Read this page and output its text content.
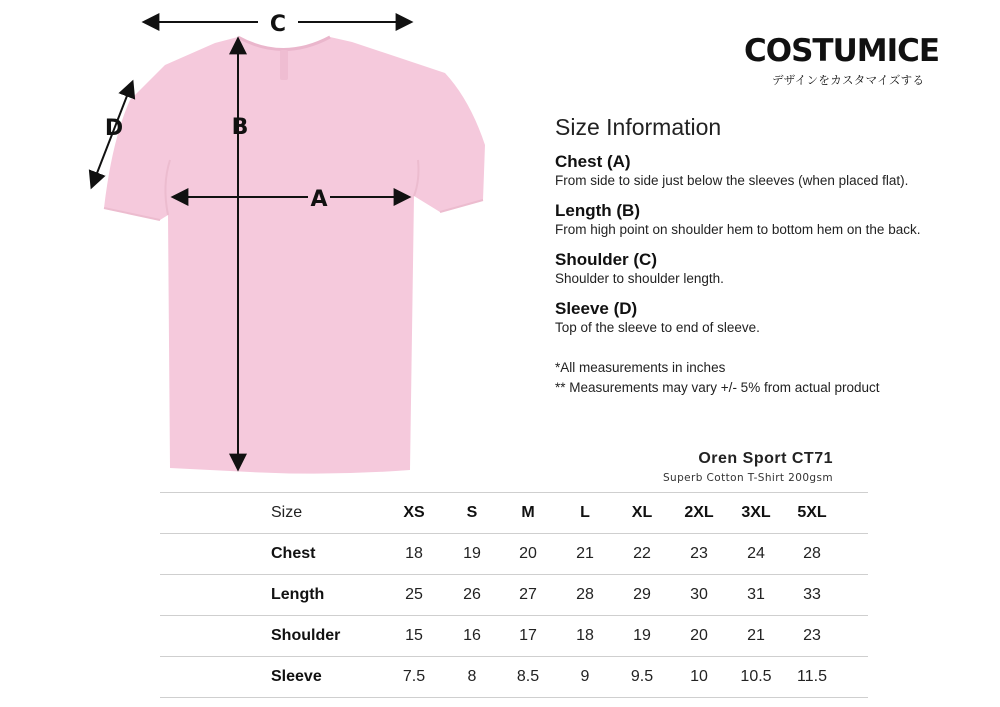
C
B
A
D
COSTUMICE
デザインをカスタマイズする
Size Information
Chest (A)
From side to side just below the sleeves (when placed flat).
Length (B)
From high point on shoulder hem to bottom hem on the back.
Shoulder (C)
Shoulder to shoulder length.
Sleeve (D)
Top of the sleeve to end of sleeve.
*All measurements in inches
** Measurements may vary +/- 5% from actual product
Oren Sport CT71
Superb Cotton T-Shirt 200gsm
Size	XS	S	M	L	XL	2XL	3XL	5XL
Chest	18	19	20	21	22	23	24	28
Length	25	26	27	28	29	30	31	33
Shoulder	15	16	17	18	19	20	21	23
Sleeve	7.5	8	8.5	9	9.5	10	10.5	11.5
